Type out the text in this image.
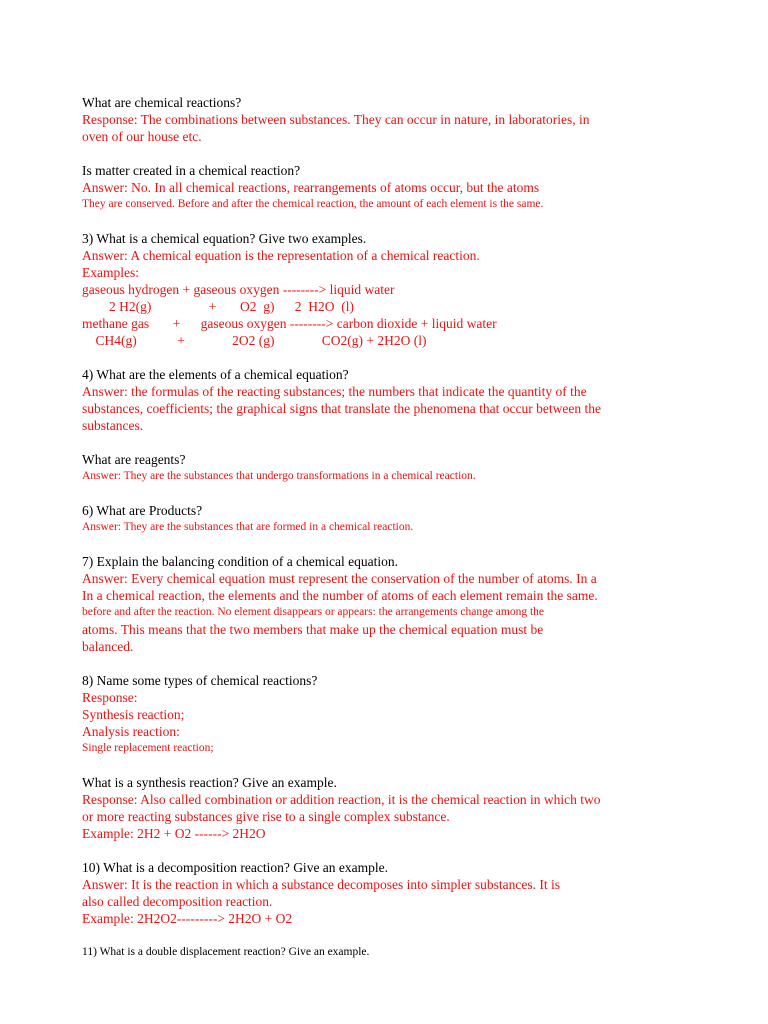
What are chemical reactions?
Response: The combinations between substances. They can occur in nature, in laboratories, in
oven of our house etc.
Is matter created in a chemical reaction?
Answer: No. In all chemical reactions, rearrangements of atoms occur, but the atoms
They are conserved. Before and after the chemical reaction, the amount of each element is the same.
3) What is a chemical equation? Give two examples.
Answer: A chemical equation is the representation of a chemical reaction.
Examples:
gaseous hydrogen + gaseous oxygen --------> liquid water
2 H2(g)                 +       O2  g)      2  H2O  (l)
methane gas       +      gaseous oxygen --------> carbon dioxide + liquid water
CH4(g)            +              2O2 (g)              CO2(g) + 2H2O (l)
4) What are the elements of a chemical equation?
Answer: the formulas of the reacting substances; the numbers that indicate the quantity of the
substances, coefficients; the graphical signs that translate the phenomena that occur between the
substances.
What are reagents?
Answer: They are the substances that undergo transformations in a chemical reaction.
6) What are Products?
Answer: They are the substances that are formed in a chemical reaction.
7) Explain the balancing condition of a chemical equation.
Answer: Every chemical equation must represent the conservation of the number of atoms. In a
In a chemical reaction, the elements and the number of atoms of each element remain the same.
before and after the reaction. No element disappears or appears: the arrangements change among the
atoms. This means that the two members that make up the chemical equation must be
balanced.
8) Name some types of chemical reactions?
Response:
Synthesis reaction;
Analysis reaction:
Single replacement reaction;
What is a synthesis reaction? Give an example.
Response: Also called combination or addition reaction, it is the chemical reaction in which two
or more reacting substances give rise to a single complex substance.
Example: 2H2 + O2 ------> 2H2O
10) What is a decomposition reaction? Give an example.
Answer: It is the reaction in which a substance decomposes into simpler substances. It is
also called decomposition reaction.
Example: 2H2O2---------> 2H2O + O2
11) What is a double displacement reaction? Give an example.
